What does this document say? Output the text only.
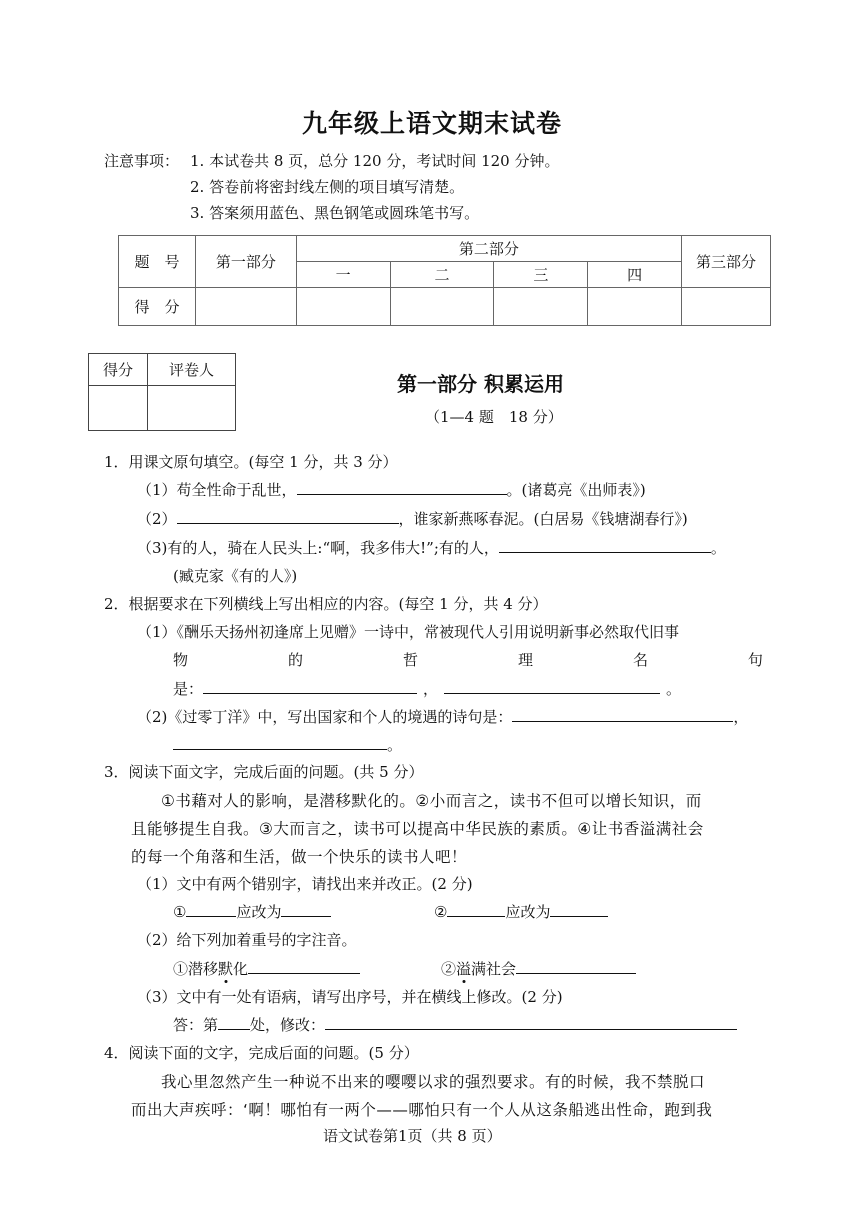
九年级上语文期末试卷
注意事项： 1. 本试卷共 8 页，总分 120 分，考试时间 120 分钟。
2. 答卷前将密封线左侧的项目填写清楚。
3. 答案须用蓝色、黑色钢笔或圆珠笔书写。
题　号	第一部分	第二部分				第三部分
		一	二	三	四	
得　分						
得分	评卷人

第一部分 积累运用
（1—4 题　18 分）
1．用课文原句填空。(每空 1 分，共 3 分）
（1）苟全性命于乱世，	。(诸葛亮《出师表》)
（2）	，谁家新燕啄春泥。(白居易《钱塘湖春行》)
（3)有的人，骑在人民头上:“啊，我多伟大!”;有的人，	。
(臧克家《有的人》)
2．根据要求在下列横线上写出相应的内容。(每空 1 分，共 4 分）
（1）《酬乐天扬州初逢席上见赠》一诗中，常被现代人引用说明新事必然取代旧事
物	的	哲	理	名	句
是：	，	。
（2)《过零丁洋》中，写出国家和个人的境遇的诗句是：	，
。
3．阅读下面文字，完成后面的问题。(共 5 分）
①书藉对人的影响，是潜移默化的。②小而言之，读书不但可以增长知识，而
且能够提生自我。③大而言之，读书可以提高中华民族的素质。④让书香溢满社会
的每一个角落和生活，做一个快乐的读书人吧！
（1）文中有两个错别字，请找出来并改正。(2 分)
①	应改为	②	应改为
（2）给下列加着重号的字注音。
①潜移默化	②溢满社会
（3）文中有一处有语病，请写出序号，并在横线上修改。(2 分)
答：第 处，修改：
4．阅读下面的文字，完成后面的问题。(5 分）
我心里忽然产生一种说不出来的嘤嘤以求的强烈要求。有的时候，我不禁脱口
而出大声疾呼：‘啊！哪怕有一两个——哪怕只有一个人从这条船逃出性命，跑到我
语文试卷第1页（共 8 页）
